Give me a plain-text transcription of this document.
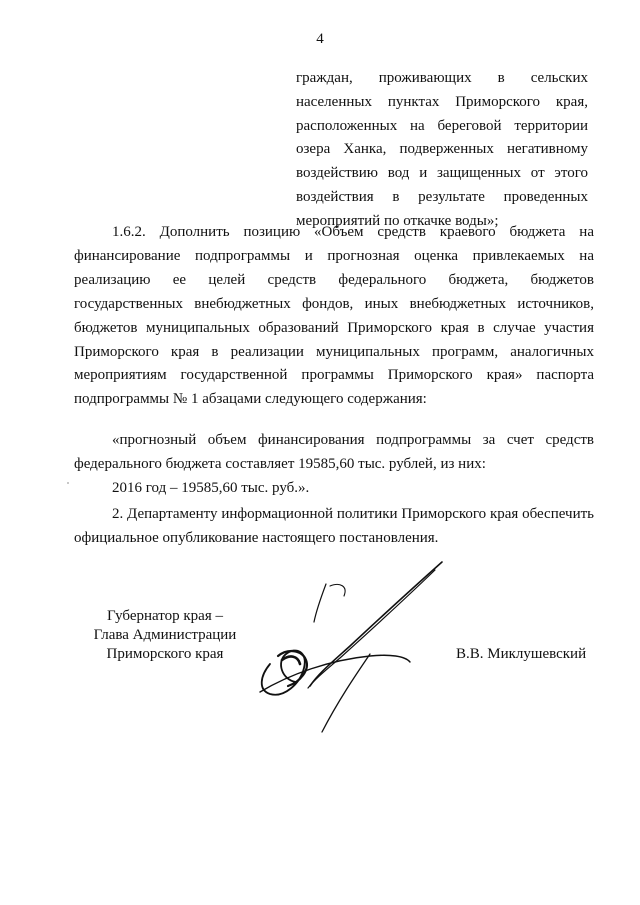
4
граждан, проживающих в сельских населенных пунктах Приморского края, расположенных на береговой территории озера Ханка, подверженных негативному воздействию вод и защищенных от этого воздействия в результате проведенных мероприятий по откачке воды»;
1.6.2. Дополнить позицию «Объем средств краевого бюджета на финансирование подпрограммы и прогнозная оценка привлекаемых на реализацию ее целей средств федерального бюджета, бюджетов государственных внебюджетных фондов, иных внебюджетных источников, бюджетов муниципальных образований Приморского края в случае участия Приморского края в реализации муниципальных программ, аналогичных мероприятиям государственной программы Приморского края» паспорта подпрограммы № 1 абзацами следующего содержания:
«прогнозный объем финансирования подпрограммы за счет средств федерального бюджета составляет 19585,60 тыс. рублей, из них:
2016 год – 19585,60 тыс. руб.».
2. Департаменту информационной политики Приморского края обеспечить официальное опубликование настоящего постановления.
Губернатор края –
Глава Администрации
Приморского края	В.В. Миклушевский
